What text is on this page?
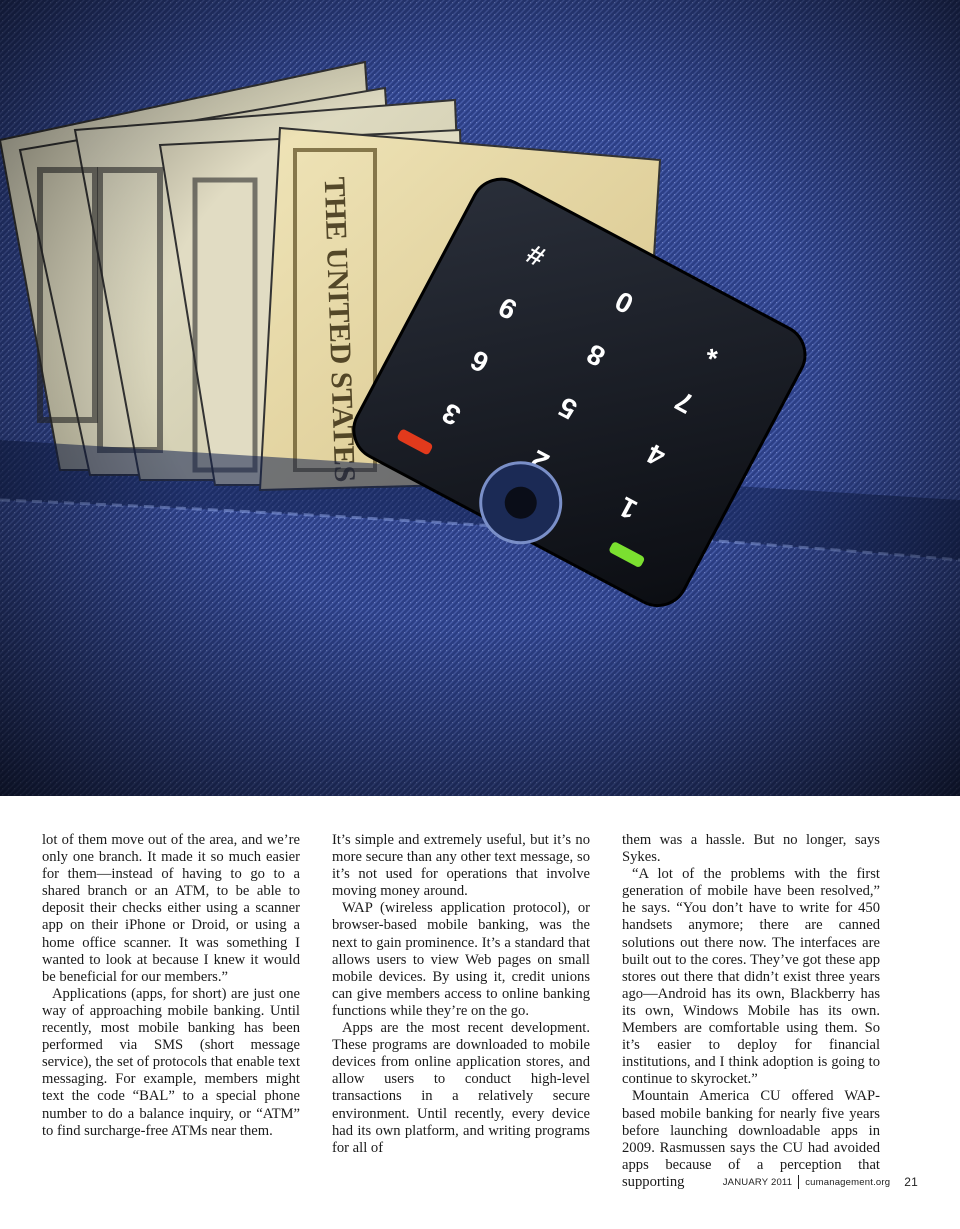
lot of them move out of the area, and we’re only one branch. It made it so much easier for them—instead of having to go to a shared branch or an ATM, to be able to deposit their checks either using a scanner app on their iPhone or Droid, or using a home office scanner. It was something I wanted to look at because I knew it would be beneficial for our members.”

Applications (apps, for short) are just one way of approaching mobile banking. Until recently, most mobile banking has been performed via SMS (short message service), the set of protocols that enable text messaging. For example, members might text the code “BAL” to a special phone number to do a balance inquiry, or “ATM” to find surcharge-free ATMs near them.

It’s simple and extremely useful, but it’s no more secure than any other text message, so it’s not used for operations that involve moving money around.

WAP (wireless application protocol), or browser-based mobile banking, was the next to gain prominence. It’s a standard that allows users to view Web pages on small mobile devices. By using it, credit unions can give members access to online banking functions while they’re on the go.

Apps are the most recent development. These programs are downloaded to mobile devices from online application stores, and allow users to conduct high-level transactions in a relatively secure environment. Until recently, every device had its own platform, and writing programs for all of

them was a hassle. But no longer, says Sykes.

“A lot of the problems with the first generation of mobile have been resolved,” he says. “You don’t have to write for 450 handsets anymore; there are canned solutions out there now. The interfaces are built out to the cores. They’ve got these app stores out there that didn’t exist three years ago—Android has its own, Blackberry has its own, Windows Mobile has its own. Members are comfortable using them. So it’s easier to deploy for financial institutions, and I think adoption is going to continue to skyrocket.”

Mountain America CU offered WAP-based mobile banking for nearly five years before launching downloadable apps in 2009. Rasmussen says the CU had avoided apps because of a perception that supporting	JANUARY 2011 cumanagement.org 21
